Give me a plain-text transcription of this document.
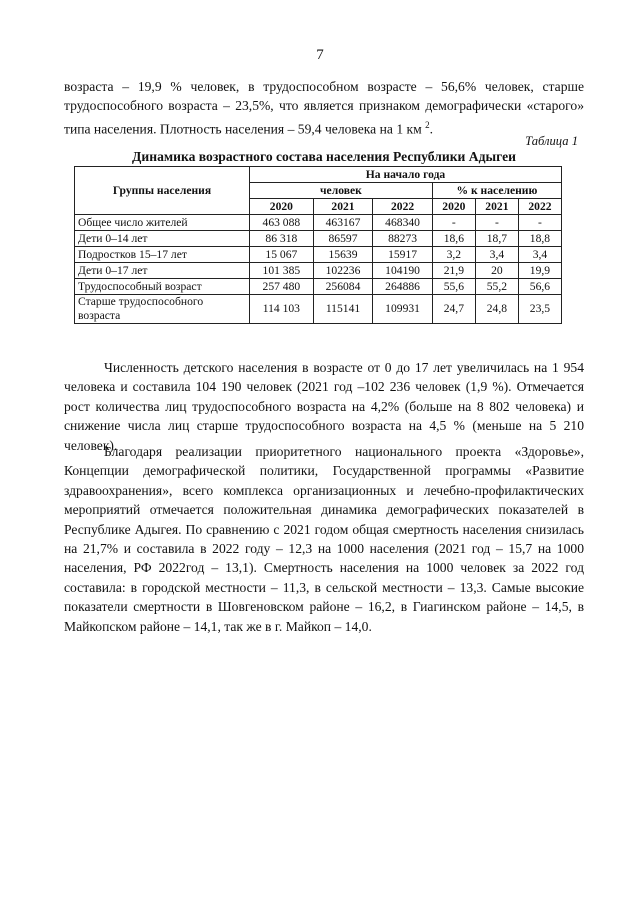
7

возраста – 19,9 % человек, в трудоспособном возрасте – 56,6% человек, старше трудоспособного возраста – 23,5%, что является признаком демографически «старого» типа населения. Плотность населения – 59,4 человека на 1 км $^2$.

Таблица 1
Динамика возрастного состава населения Республики Адыгеи
Группы населения	На начало года					
	человек			% к населению		
	2020	2021	2022	2020	2021	2022
Общее число жителей	463 088	463167	468340	-	-	-
Дети 0–14 лет	86 318	86597	88273	18,6	18,7	18,8
Подростков 15–17 лет	15 067	15639	15917	3,2	3,4	3,4
Дети 0–17 лет	101 385	102236	104190	21,9	20	19,9
Трудоспособный возраст	257 480	256084	264886	55,6	55,2	56,6
Старше трудоспособного возраста	114 103	115141	109931	24,7	24,8	23,5

Численность детского населения в возрасте от 0 до 17 лет увеличилась на 1 954 человека и составила 104 190 человек (2021 год –102 236 человек (1,9 %). Отмечается рост количества лиц трудоспособного возраста на 4,2% (больше на 8 802 человека) и снижение числа лиц старше трудоспособного возраста на 4,5 % (меньше на 5 210 человек).

Благодаря реализации приоритетного национального проекта «Здоровье», Концепции демографической политики, Государственной программы «Развитие здравоохранения», всего комплекса организационных и лечебно-профилактических мероприятий отмечается положительная динамика демографических показателей в Республике Адыгея. По сравнению с 2021 годом общая смертность населения снизилась на 21,7% и составила в 2022 году – 12,3 на 1000 населения (2021 год – 15,7 на 1000 населения, РФ 2022год – 13,1). Смертность населения на 1000 человек за 2022 год составила: в городской местности – 11,3, в сельской местности – 13,3. Самые высокие показатели смертности в Шовгеновском районе – 16,2, в Гиагинском районе – 14,5, в Майкопском районе – 14,1, так же в г. Майкоп – 14,0.
